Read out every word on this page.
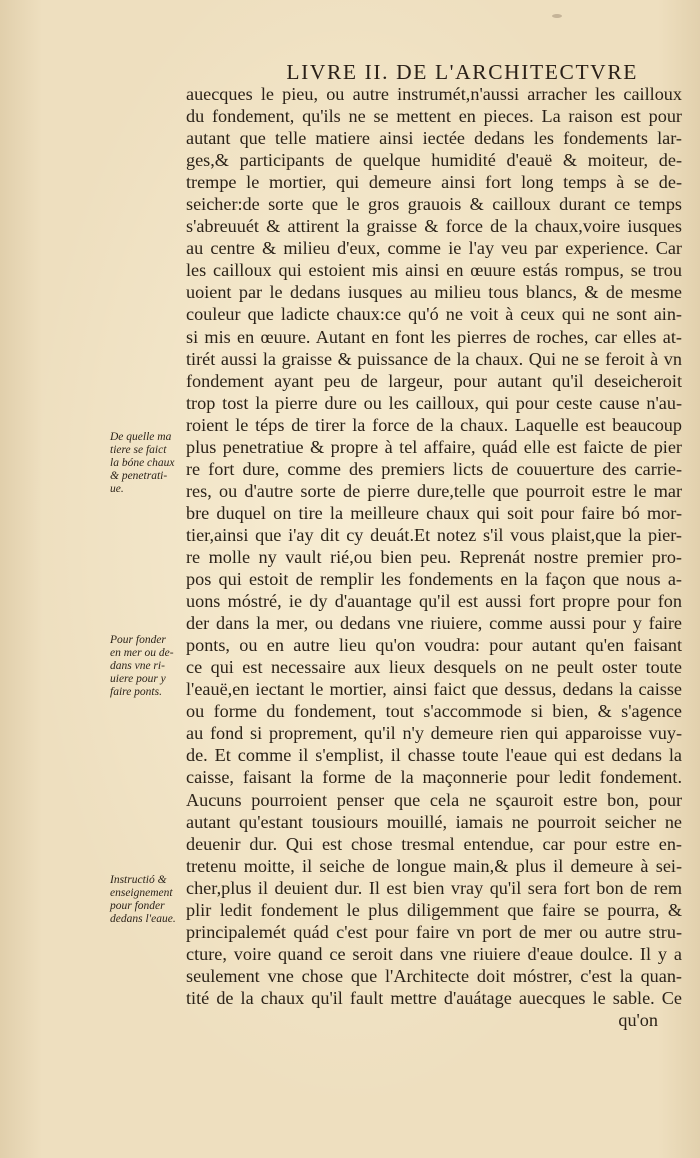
LIVRE II. DE L'ARCHITECTVRE
auecques le pieu, ou autre instrumét,n'aussi arracher les cailloux
du fondement, qu'ils ne se mettent en pieces. La raison est pour
autant que telle matiere ainsi iectée dedans les fondements lar-
ges,& participants de quelque humidité d'eauë & moiteur, de-
trempe le mortier, qui demeure ainsi fort long temps à se de-
seicher:de sorte que le gros grauois & cailloux durant ce temps
s'abreuuét & attirent la graisse & force de la chaux,voire iusques
au centre & milieu d'eux, comme ie l'ay veu par experience. Car
les cailloux qui estoient mis ainsi en œuure estás rompus, se trou
uoient par le dedans iusques au milieu tous blancs, & de mesme
couleur que ladicte chaux:ce qu'ó ne voit à ceux qui ne sont ain-
si mis en œuure. Autant en font les pierres de roches, car elles at-
tirét aussi la graisse & puissance de la chaux. Qui ne se feroit à vn
fondement ayant peu de largeur, pour autant qu'il deseicheroit
trop tost la pierre dure ou les cailloux, qui pour ceste cause n'au-
roient le téps de tirer la force de la chaux. Laquelle est beaucoup
plus penetratiue & propre à tel affaire, quád elle est faicte de pier
re fort dure, comme des premiers licts de couuerture des carrie-
res, ou d'autre sorte de pierre dure,telle que pourroit estre le mar
bre duquel on tire la meilleure chaux qui soit pour faire bó mor-
tier,ainsi que i'ay dit cy deuát.Et notez s'il vous plaist,que la pier-
re molle ny vault rié,ou bien peu. Reprenát nostre premier pro-
pos qui estoit de remplir les fondements en la façon que nous a-
uons móstré, ie dy d'auantage qu'il est aussi fort propre pour fon
der dans la mer, ou dedans vne riuiere, comme aussi pour y faire
ponts, ou en autre lieu qu'on voudra: pour autant qu'en faisant
ce qui est necessaire aux lieux desquels on ne peult oster toute
l'eauë,en iectant le mortier, ainsi faict que dessus, dedans la caisse
ou forme du fondement, tout s'accommode si bien, & s'agence
au fond si proprement, qu'il n'y demeure rien qui apparoisse vuy-
de. Et comme il s'emplist, il chasse toute l'eaue qui est dedans la
caisse, faisant la forme de la maçonnerie pour ledit fondement.
Aucuns pourroient penser que cela ne sçauroit estre bon, pour
autant qu'estant tousiours mouillé, iamais ne pourroit seicher ne
deuenir dur. Qui est chose tresmal entendue, car pour estre en-
tretenu moitte, il seiche de longue main,& plus il demeure à sei-
cher,plus il deuient dur. Il est bien vray qu'il sera fort bon de rem
plir ledit fondement le plus diligemment que faire se pourra, &
principalemét quád c'est pour faire vn port de mer ou autre stru-
cture, voire quand ce seroit dans vne riuiere d'eaue doulce. Il y a
seulement vne chose que l'Architecte doit móstrer, c'est la quan-
tité de la chaux qu'il fault mettre d'auátage auecques le sable. Ce
qu'on
De quelle ma
tiere se faict
la bóne chaux
& penetrati-
ue.
Pour fonder
en mer ou de-
dans vne ri-
uiere pour y
faire ponts.
Instructió &
enseignement
pour fonder
dedans l'eaue.
